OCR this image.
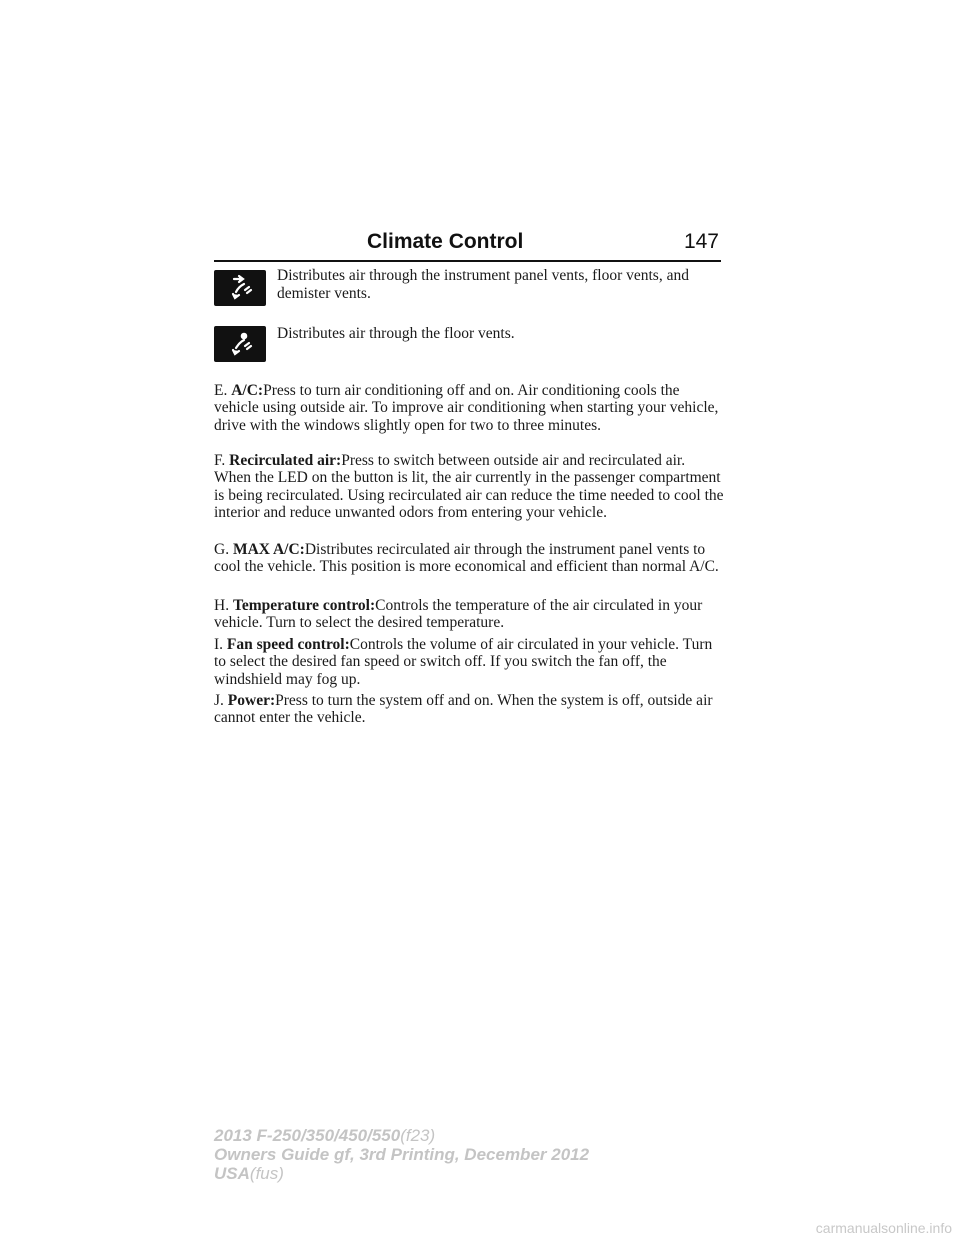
Climate Control	147
Distributes air through the instrument panel vents, floor vents, and demister vents.
Distributes air through the floor vents.

E. A/C:Press to turn air conditioning off and on. Air conditioning cools the vehicle using outside air. To improve air conditioning when starting your vehicle, drive with the windows slightly open for two to three minutes.

F. Recirculated air:Press to switch between outside air and recirculated air. When the LED on the button is lit, the air currently in the passenger compartment is being recirculated. Using recirculated air can reduce the time needed to cool the interior and reduce unwanted odors from entering your vehicle.

G. MAX A/C:Distributes recirculated air through the instrument panel vents to cool the vehicle. This position is more economical and efficient than normal A/C.

H. Temperature control:Controls the temperature of the air circulated in your vehicle. Turn to select the desired temperature.

I. Fan speed control:Controls the volume of air circulated in your vehicle. Turn to select the desired fan speed or switch off. If you switch the fan off, the windshield may fog up.

J. Power:Press to turn the system off and on. When the system is off, outside air cannot enter the vehicle.

2013 F-250/350/450/550(f23)
Owners Guide gf, 3rd Printing, December 2012
USA(fus)
carmanualsonline.info
